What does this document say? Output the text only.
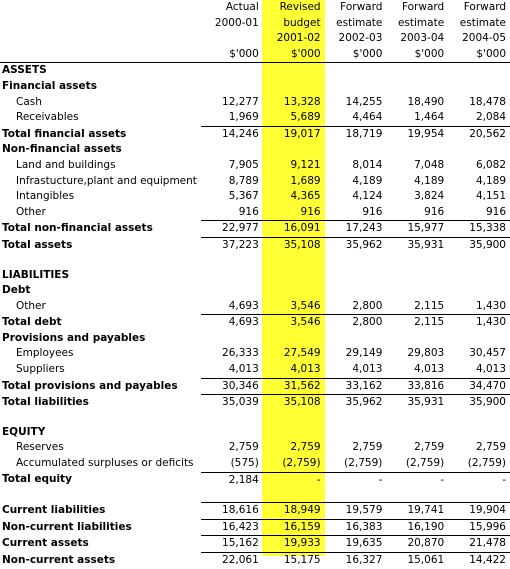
	Actual	Revised	Forward	Forward	Forward
	2000-01	budget	estimate	estimate	estimate
		2001-02	2002-03	2003-04	2004-05
	$'000	$'000	$'000	$'000	$'000
ASSETS					
Financial assets					
Cash	12,277	13,328	14,255	18,490	18,478
Receivables	1,969	5,689	4,464	1,464	2,084
Total financial assets	14,246	19,017	18,719	19,954	20,562
Non-financial assets					
Land and buildings	7,905	9,121	8,014	7,048	6,082
Infrastucture,plant and equipment	8,789	1,689	4,189	4,189	4,189
Intangibles	5,367	4,365	4,124	3,824	4,151
Other	916	916	916	916	916
Total non-financial assets	22,977	16,091	17,243	15,977	15,338
Total assets	37,223	35,108	35,962	35,931	35,900

LIABILITIES					
Debt					
Other	4,693	3,546	2,800	2,115	1,430
Total debt	4,693	3,546	2,800	2,115	1,430
Provisions and payables					
Employees	26,333	27,549	29,149	29,803	30,457
Suppliers	4,013	4,013	4,013	4,013	4,013
Total provisions and payables	30,346	31,562	33,162	33,816	34,470
Total liabilities	35,039	35,108	35,962	35,931	35,900

EQUITY					
Reserves	2,759	2,759	2,759	2,759	2,759
Accumulated surpluses or deficits	(575)	(2,759)	(2,759)	(2,759)	(2,759)
Total equity	2,184	-	-	-	-

Current liabilities	18,616	18,949	19,579	19,741	19,904
Non-current liabilities	16,423	16,159	16,383	16,190	15,996
Current assets	15,162	19,933	19,635	20,870	21,478
Non-current assets	22,061	15,175	16,327	15,061	14,422
